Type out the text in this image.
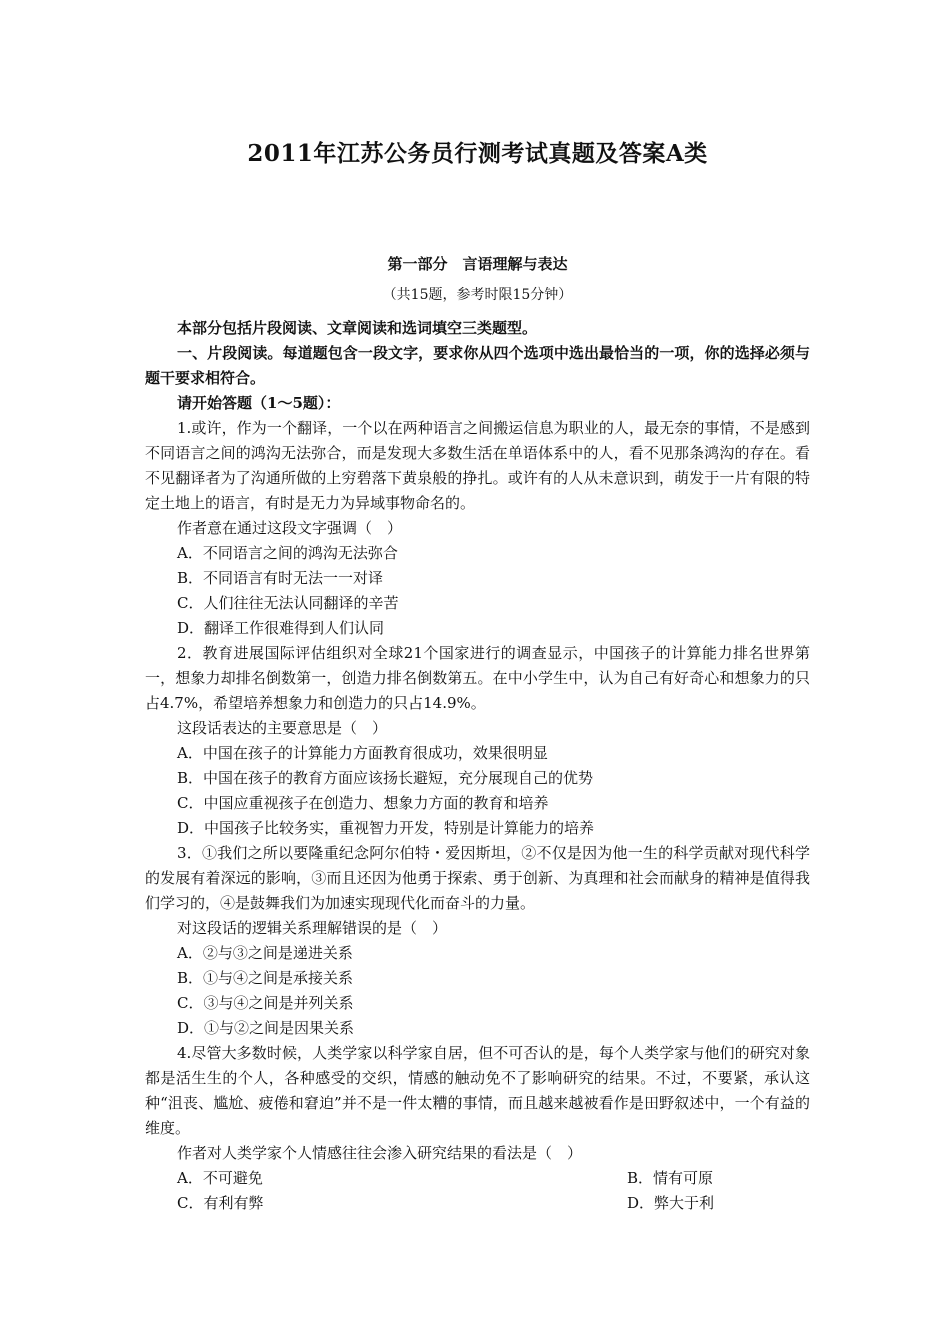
2011年江苏公务员行测考试真题及答案A类
第一部分　言语理解与表达
（共15题，参考时限15分钟）

本部分包括片段阅读、文章阅读和选词填空三类题型。

一、片段阅读。每道题包含一段文字，要求你从四个选项中选出最恰当的一项，你的选择必须与题干要求相符合。

请开始答题（1～5题）：

1.或许，作为一个翻译，一个以在两种语言之间搬运信息为职业的人，最无奈的事情，不是感到不同语言之间的鸿沟无法弥合，而是发现大多数生活在单语体系中的人，看不见那条鸿沟的存在。看不见翻译者为了沟通所做的上穷碧落下黄泉般的挣扎。或许有的人从未意识到，萌发于一片有限的特定土地上的语言，有时是无力为异域事物命名的。

作者意在通过这段文字强调（　）

A．不同语言之间的鸿沟无法弥合

B．不同语言有时无法一一对译

C．人们往往无法认同翻译的辛苦

D．翻译工作很难得到人们认同

2．教育进展国际评估组织对全球21个国家进行的调查显示，中国孩子的计算能力排名世界第一，想象力却排名倒数第一，创造力排名倒数第五。在中小学生中，认为自己有好奇心和想象力的只占4.7%，希望培养想象力和创造力的只占14.9%。

这段话表达的主要意思是（　）

A．中国在孩子的计算能力方面教育很成功，效果很明显

B．中国在孩子的教育方面应该扬长避短，充分展现自己的优势

C．中国应重视孩子在创造力、想象力方面的教育和培养

D．中国孩子比较务实，重视智力开发，特别是计算能力的培养

3．①我们之所以要隆重纪念阿尔伯特・爱因斯坦，②不仅是因为他一生的科学贡献对现代科学的发展有着深远的影响，③而且还因为他勇于探索、勇于创新、为真理和社会而献身的精神是值得我们学习的，④是鼓舞我们为加速实现现代化而奋斗的力量。

对这段话的逻辑关系理解错误的是（　）

A．②与③之间是递进关系

B．①与④之间是承接关系

C．③与④之间是并列关系

D．①与②之间是因果关系

4.尽管大多数时候，人类学家以科学家自居，但不可否认的是，每个人类学家与他们的研究对象都是活生生的个人，各种感受的交织，情感的触动免不了影响研究的结果。不过，不要紧，承认这种“沮丧、尴尬、疲倦和窘迫”并不是一件太糟的事情，而且越来越被看作是田野叙述中，一个有益的维度。

作者对人类学家个人情感往往会渗入研究结果的看法是（　）

A．不可避免	B．情有可原
C．有利有弊	D．弊大于利
